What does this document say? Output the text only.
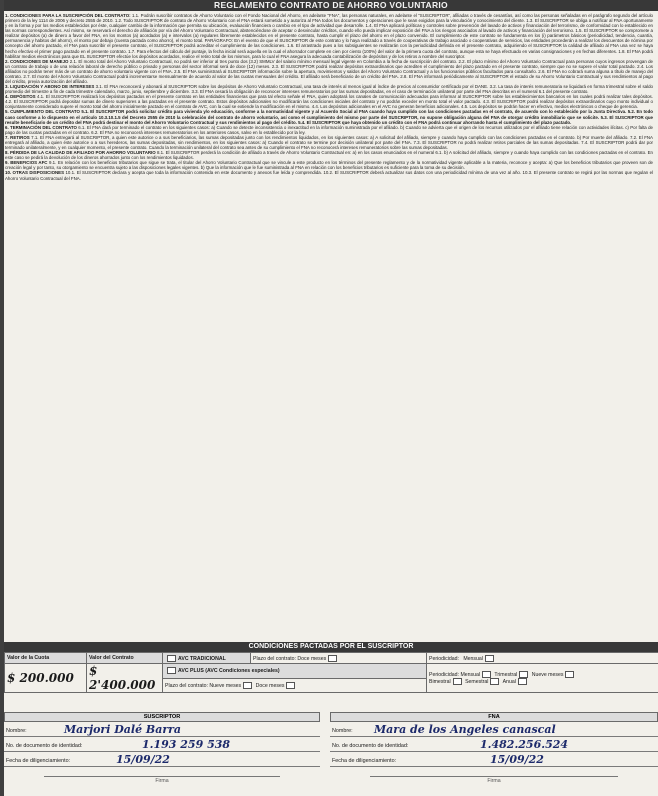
REGLAMENTO CONTRATO DE AHORRO VOLUNTARIO
1. CONDICIONES PARA LA SUSCRIPCIÓN DEL CONTRATO: 1.1. Podrán suscribir contratos de Ahorro Voluntario con el Fondo Nacional del Ahorro, en adelante "FNA", las personas naturales, en adelante el "SUSCRIPTOR", afiliadas o través de cesantías, así como las personas señaladas en el parágrafo segundo del artículo primero de la ley 1114 de 2006 y decreto 2555 de 2010. 1.2. Todo SUSCRIPTOR de contrato de Ahorro Voluntario con el FNA estará sometido a y autoriza al FNA todos los documentos y operaciones que le sean exigidos para la vinculación y conocimiento del cliente. 1.3. El SUSCRIPTOR se obliga a notificar al FNA oportunamente y en la forma y por los medios establecidos por éste, cualquier cambio de la información que permita su ubicación, evaluación financiera o cambio en el tipo de actividad que desarrolle. 1.4. El FNA aplicará políticas y controles sobre prevención del lavado de activos y financiación del terrorismo, de conformidad con lo establecido en las normas correspondientes. Así mismo, se reservará el derecho de afiliación por vía del Ahorro Voluntario Contractual, abstenciéndose de aceptar o desvincular créditos, cuando ello pueda implicar exposición del FNA a los riesgos asociados al lavado de activos y financiación del terrorismo. 1.5. El SUSCRIPTOR se compromete a realizar depósitos (a) de dinero a favor del FNA, en los montos (a) acordados (a) e intervalos (a) regulares libremente establecidos en el presente contrato, hasta cumplir el plazo del ahorro en el plazo convenido. El cumplimiento de este contrato se fundamenta en los (i) parámetros básicos (periodicidad, tendencia, cuantía, permanencia y habitos del ahorro), el monto por debajo (cuenta pactada como ahorro), el monto total. PARÁGRAFO: En el evento de que el SUSCRIPTOR de este contrato y lo haya realizado a través de cooperativas de trabajo asociado o cooperativas de servicios, las entidades procederán a realizar los descuentos de nómina por concepto del ahorro pactado, el FNA para suscribir el presente contrato, el SUSCRIPTOR podrá acreditar el cumplimiento de las condiciones. 1.6. El arrastrado pues a los subsiguientes se realizarán con la periodicidad definida en el presente contrato, adquiriendo el SUSCRIPTOR la calidad de afiliado al FNA una vez se haya hecho efectivo el primer pago pactado en el presente contrato. 1.7. Para efectos del cálculo del puntaje, la fecha inicial será aquella en la cual el ahorrador complete en cien por ciento (100%) del valor de la primera cuota del contrato, aunque esta se haya efectuado en varias consignaciones y en fechas diferentes. 1.8. El FNA podrá habilitar medios electrónicos para que EL SUSCRIPTOR efectúe los depósitos acordados, realice el retiro total de los mismos, para lo cual el FNA asegura la adecuada contabilización de depósitos y de los retiros a nombre del suscriptor.
2. CONDICIONES DE MANEJO 2.1. El monto total del Ahorro Voluntario Contractual, no podrá ser inferior al tres punto dos (3.2) SMMLV del salario mínimo mensual legal vigente en Colombia a la fecha de suscripción del contrato. 2.2. El plazo mínimo del Ahorro Voluntario Contractual para personas cuyos ingresos provengan de un contrato de trabajo o de una relación laboral de derecho público o privado y personas del sector informal será de doce (12) meses. 2.3. El SUSCRIPTOR podrá realizar depósitos extraordinarios que acrediten el cumplimiento del plazo pactado en el presente contrato, siempre que no se supere el valor total pactado. 2.4. Los afiliados no podrán tener más de un contrato de ahorro voluntario vigente con el FNA. 2.5. El FNA suministrará al SUSCRIPTOR información sobre la apertura, movimientos y saldos del Ahorro Voluntario Contractual y a los funcionarios públicos facultados para consultarlo. 2.6. El FNA no cobrará suma alguna a título de manejo del contrato. 2.7. El monto del Ahorro Voluntario Contractual podrá incrementarse mensualmente de acuerdo al valor de las cuotas mensuales del crédito. El afiliado será beneficiario de un crédito del FNA. 2.8. El FNA informará periódicamente al SUSCRIPTOR el estado de su Ahorro Voluntario Contractual y sus rendimientos al pago del crédito, previa autorización del afiliado.
3. LIQUIDACIÓN Y ABONO DE INTERESES 3.1. El FNA reconocerá y abonará al SUSCRIPTOR sobre los depósitos de Ahorro Voluntario Contractual, una tasa de interés al menos igual al índice de precios al consumidor certificado por el DANE. 3.2. La tasa de interés remuneratoria se liquidará en forma trimestral sobre el saldo promedio del trimestre a fin de cada trimestre calendario, marzo, junio, septiembre y diciembre. 3.3. El FNA cesará la obligación de reconocer intereses remuneratorios por las sumas depositadas, en el caso de terminación unilateral por parte del FNA descritas en el numeral 6.1 del presente contrato.
4. DEPÓSITOS 4.1. El SUSCRIPTOR realizará los depósitos pactados en el presente contrato en las entidades financieras que para tal efecto señale el FNA, quien adoptará los canales de comunicación adecuados para informar al SUSCRIPTOR sobre los establecimientos bancarios en los cuales podrá realizar tales depósitos. 4.2. El SUSCRIPTOR podrá depositar sumas de dinero superiores a las pactadas en el presente contrato. Estos depósitos adicionales no modificarán las condiciones iniciales del contrato y no podrán exceder en monto total el valor pactado. 4.3. El SUSCRIPTOR podrá realizar depósitos extraordinarios cuyo monto individual o conjuntamente considerado supere el monto total del ahorro inicialmente pactado en el contrato de AVC, con la cual se extiende la modificación en el mismo. 4.4. Los depósitos adicionales en el AVC no generan beneficios adicionales. 4.5. Los depósitos se podrán hacer en efectivo, medios electrónicos o cheque de gerencia.
5. CUMPLIMIENTO DEL CONTRATO 5.1. El SUSCRIPTOR podrá solicitar crédito para vivienda y/o educación, conforme a la normatividad vigente y al Acuerdo Social al FNA cuando haya cumplido con las condiciones pactadas en el contrato, de acuerdo con lo establecido por la Junta Directiva. 5.2. En todo caso conforme a lo dispuesto en el artículo 10.3.10.1.5 del Decreto 2555 de 2010 la celebración del contrato de ahorro voluntario, así como el cumplimiento del mismo por parte del SUSCRIPTOR, no supone obligación alguna del FNA de otorgar crédito inmobiliario que se solicite. 5.3. El SUSCRIPTOR que resulte beneficiario de un crédito del FNA podrá destinar el monto del Ahorro Voluntario Contractual y sus rendimientos al pago del crédito. 5.4. El SUSCRIPTOR que haya obtenido un crédito con el FNA podrá continuar ahorrando hasta el cumplimiento del plazo pactado.
6. TERMINACIÓN DEL CONTRATO 6.1. El FNA dará por terminado el contrato en los siguientes casos: a) Cuando se detecte inconsistencia o inexactitud en la información suministrada por el afiliado. b) Cuando se advierta que el origen de los recursos utilizados por el afiliado tiene relación con actividades ilícitas. c) Por falta de pago de las cuotas pactadas en el contrato. 6.2. El FNA no reconocerá intereses remuneratorios en los anteriores casos, salvo en lo establecido por la ley.
7. RETIROS 7.1. El FNA entregará al SUSCRIPTOR, a quien este autorice o a sus beneficiarios, las sumas depositadas junto con los rendimientos liquidados, en los siguientes casos: a) A solicitud del afiliado, siempre y cuando haya cumplido con las condiciones pactadas en el contrato. b) Por muerte del afiliado. 7.2. El FNA entregará al afiliado, a quien éste autorice o a sus herederos, las sumas depositadas, sin rendimientos, en los siguientes casos: a) Cuando el contrato se termine por decisión unilateral por parte del FNA. 7.3. El SUSCRIPTOR no podrá realizar retiros parciales de las sumas depositadas. 7.4. El SUSCRIPTOR podrá dar por terminado unilateralmente, y en cualquier momento, el presente contrato. Cuando la terminación unilateral del contrato sea antes de su cumplimiento el FNA no reconocerá intereses remuneratorios sobre las sumas depositadas.
8. PÉRDIDA DE LA CALIDAD DE AFILIADO POR AHORRO VOLUNTARIO 8.1. El SUSCRIPTOR perderá la condición de afiliado a través de Ahorro Voluntario Contractual en: a) en los casos enunciados en el numeral 6.1. b) A solicitud del afiliado, siempre y cuando haya cumplido con las condiciones pactadas en el contrato. En este caso se pedirá la devolución de los dineros ahorrados junto con los rendimientos liquidados.
9. BENEFICIOS AFC 9.1. En relación con los beneficios tributarios que sigue se trata, el titular del Ahorro Voluntario Contractual que se vincule a este producto en los términos del presente reglamento y de la normatividad vigente aplicable a la materia, reconoce y acepta: a) Que los beneficios tributarios que proveen son de creación legal y por tanto, su otorgamiento se encuentra sujeto a las disposiciones legales vigentes. b) Que la información que le fue suministrada al FNA en relación con los beneficios tributarios es suficiente para la toma de su decisión.
10. OTRAS DISPOSICIONES 10.1. El SUSCRIPTOR declara y acepta que toda la información contenida en este documento y anexos fue leída y comprendida. 10.2. El SUSCRIPTOR deberá actualizar sus datos con una periodicidad mínima de una vez al año. 10.3. El presente contrato se regirá por las normas que regulan el Ahorro Voluntario Contractual del FNA.
CONDICIONES PACTADAS POR EL SUSCRIPTOR
Valor de la Cuota	Valor del Contrato	AVC TRADICIONAL	Plazo del contrato: Doce meses	Periodicidad: Mensual
$ 200.000	$ 2'400.000	AVC PLUS (AVC Condiciones especiales)		Periodicidad: Mensual Trimestral Nueve meses
Bimestral Semestral Anual
		Plazo del contrato: Nueve meses Doce meses		
SUSCRIPTOR
Nombre:	Marjori Dalé Barra
No. de documento de identidad:	1.193 259 538
Fecha de diligenciamiento:	15/09/22
Firma
FNA
Nombre: Mara de los Angeles canascal
No. de documento de identidad:	1.482.256.524
Fecha de diligenciamiento:	15/09/22
Firma
